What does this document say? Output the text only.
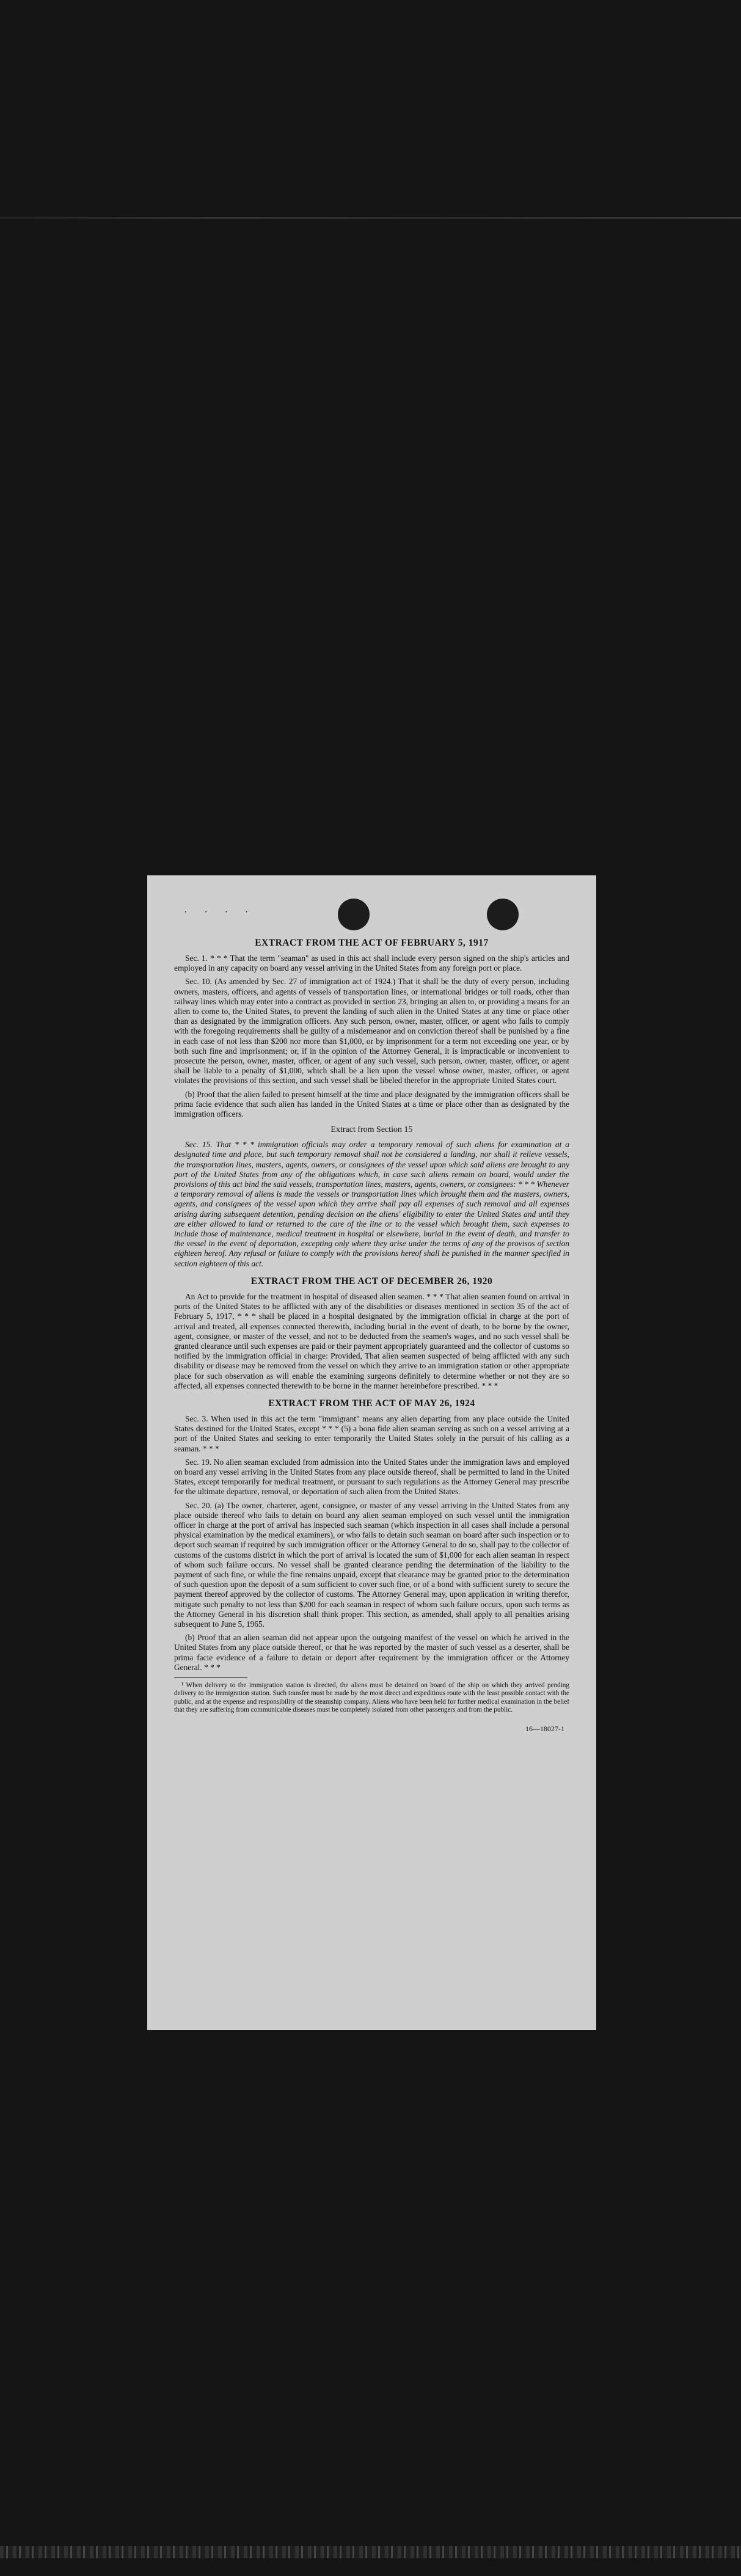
· · · ·
EXTRACT FROM THE ACT OF FEBRUARY 5, 1917

Sec. 1. * * * That the term "seaman" as used in this act shall include every person signed on the ship's articles and employed in any capacity on board any vessel arriving in the United States from any foreign port or place.

Sec. 10. (As amended by Sec. 27 of immigration act of 1924.) That it shall be the duty of every person, including owners, masters, officers, and agents of vessels of transportation lines, or international bridges or toll roads, other than railway lines which may enter into a contract as provided in section 23, bringing an alien to, or providing a means for an alien to come to, the United States, to prevent the landing of such alien in the United States at any time or place other than as designated by the immigration officers. Any such person, owner, master, officer, or agent who fails to comply with the foregoing requirements shall be guilty of a misdemeanor and on conviction thereof shall be punished by a fine in each case of not less than $200 nor more than $1,000, or by imprisonment for a term not exceeding one year, or by both such fine and imprisonment; or, if in the opinion of the Attorney General, it is impracticable or inconvenient to prosecute the person, owner, master, officer, or agent of any such vessel, such person, owner, master, officer, or agent shall be liable to a penalty of $1,000, which shall be a lien upon the vessel whose owner, master, officer, or agent violates the provisions of this section, and such vessel shall be libeled therefor in the appropriate United States court.

(b) Proof that the alien failed to present himself at the time and place designated by the immigration officers shall be prima facie evidence that such alien has landed in the United States at a time or place other than as designated by the immigration officers.

Extract from Section 15

Sec. 15. That * * * immigration officials may order a temporary removal of such aliens for examination at a designated time and place, but such temporary removal shall not be considered a landing, nor shall it relieve vessels, the transportation lines, masters, agents, owners, or consignees of the vessel upon which said aliens are brought to any port of the United States from any of the obligations which, in case such aliens remain on board, would under the provisions of this act bind the said vessels, transportation lines, masters, agents, owners, or consignees: * * * Whenever a temporary removal of aliens is made the vessels or transportation lines which brought them and the masters, owners, agents, and consignees of the vessel upon which they arrive shall pay all expenses of such removal and all expenses arising during subsequent detention, pending decision on the aliens' eligibility to enter the United States and until they are either allowed to land or returned to the care of the line or to the vessel which brought them, such expenses to include those of maintenance, medical treatment in hospital or elsewhere, burial in the event of death, and transfer to the vessel in the event of deportation, excepting only where they arise under the terms of any of the provisos of section eighteen hereof. Any refusal or failure to comply with the provisions hereof shall be punished in the manner specified in section eighteen of this act.

EXTRACT FROM THE ACT OF DECEMBER 26, 1920

An Act to provide for the treatment in hospital of diseased alien seamen. * * * That alien seamen found on arrival in ports of the United States to be afflicted with any of the disabilities or diseases mentioned in section 35 of the act of February 5, 1917, * * * shall be placed in a hospital designated by the immigration official in charge at the port of arrival and treated, all expenses connected therewith, including burial in the event of death, to be borne by the owner, agent, consignee, or master of the vessel, and not to be deducted from the seamen's wages, and no such vessel shall be granted clearance until such expenses are paid or their payment appropriately guaranteed and the collector of customs so notified by the immigration official in charge: Provided, That alien seamen suspected of being afflicted with any such disability or disease may be removed from the vessel on which they arrive to an immigration station or other appropriate place for such observation as will enable the examining surgeons definitely to determine whether or not they are so affected, all expenses connected therewith to be borne in the manner hereinbefore prescribed. * * *

EXTRACT FROM THE ACT OF MAY 26, 1924

Sec. 3. When used in this act the term "immigrant" means any alien departing from any place outside the United States destined for the United States, except * * * (5) a bona fide alien seaman serving as such on a vessel arriving at a port of the United States and seeking to enter temporarily the United States solely in the pursuit of his calling as a seaman. * * *

Sec. 19. No alien seaman excluded from admission into the United States under the immigration laws and employed on board any vessel arriving in the United States from any place outside thereof, shall be permitted to land in the United States, except temporarily for medical treatment, or pursuant to such regulations as the Attorney General may prescribe for the ultimate departure, removal, or deportation of such alien from the United States.

Sec. 20. (a) The owner, charterer, agent, consignee, or master of any vessel arriving in the United States from any place outside thereof who fails to detain on board any alien seaman employed on such vessel until the immigration officer in charge at the port of arrival has inspected such seaman (which inspection in all cases shall include a personal physical examination by the medical examiners), or who fails to detain such seaman on board after such inspection or to deport such seaman if required by such immigration officer or the Attorney General to do so, shall pay to the collector of customs of the customs district in which the port of arrival is located the sum of $1,000 for each alien seaman in respect of whom such failure occurs. No vessel shall be granted clearance pending the determination of the liability to the payment of such fine, or while the fine remains unpaid, except that clearance may be granted prior to the determination of such question upon the deposit of a sum sufficient to cover such fine, or of a bond with sufficient surety to secure the payment thereof approved by the collector of customs. The Attorney General may, upon application in writing therefor, mitigate such penalty to not less than $200 for each seaman in respect of whom such failure occurs, upon such terms as the Attorney General in his discretion shall think proper. This section, as amended, shall apply to all penalties arising subsequent to June 5, 1965.

(b) Proof that an alien seaman did not appear upon the outgoing manifest of the vessel on which he arrived in the United States from any place outside thereof, or that he was reported by the master of such vessel as a deserter, shall be prima facie evidence of a failure to detain or deport after requirement by the immigration officer or the Attorney General. * * *

¹ When delivery to the immigration station is directed, the aliens must be detained on board of the ship on which they arrived pending delivery to the immigration station. Such transfer must be made by the most direct and expeditious route with the least possible contact with the public, and at the expense and responsibility of the steamship company. Aliens who have been held for further medical examination in the belief that they are suffering from communicable diseases must be completely isolated from other passengers and from the public.

16—18027-1
